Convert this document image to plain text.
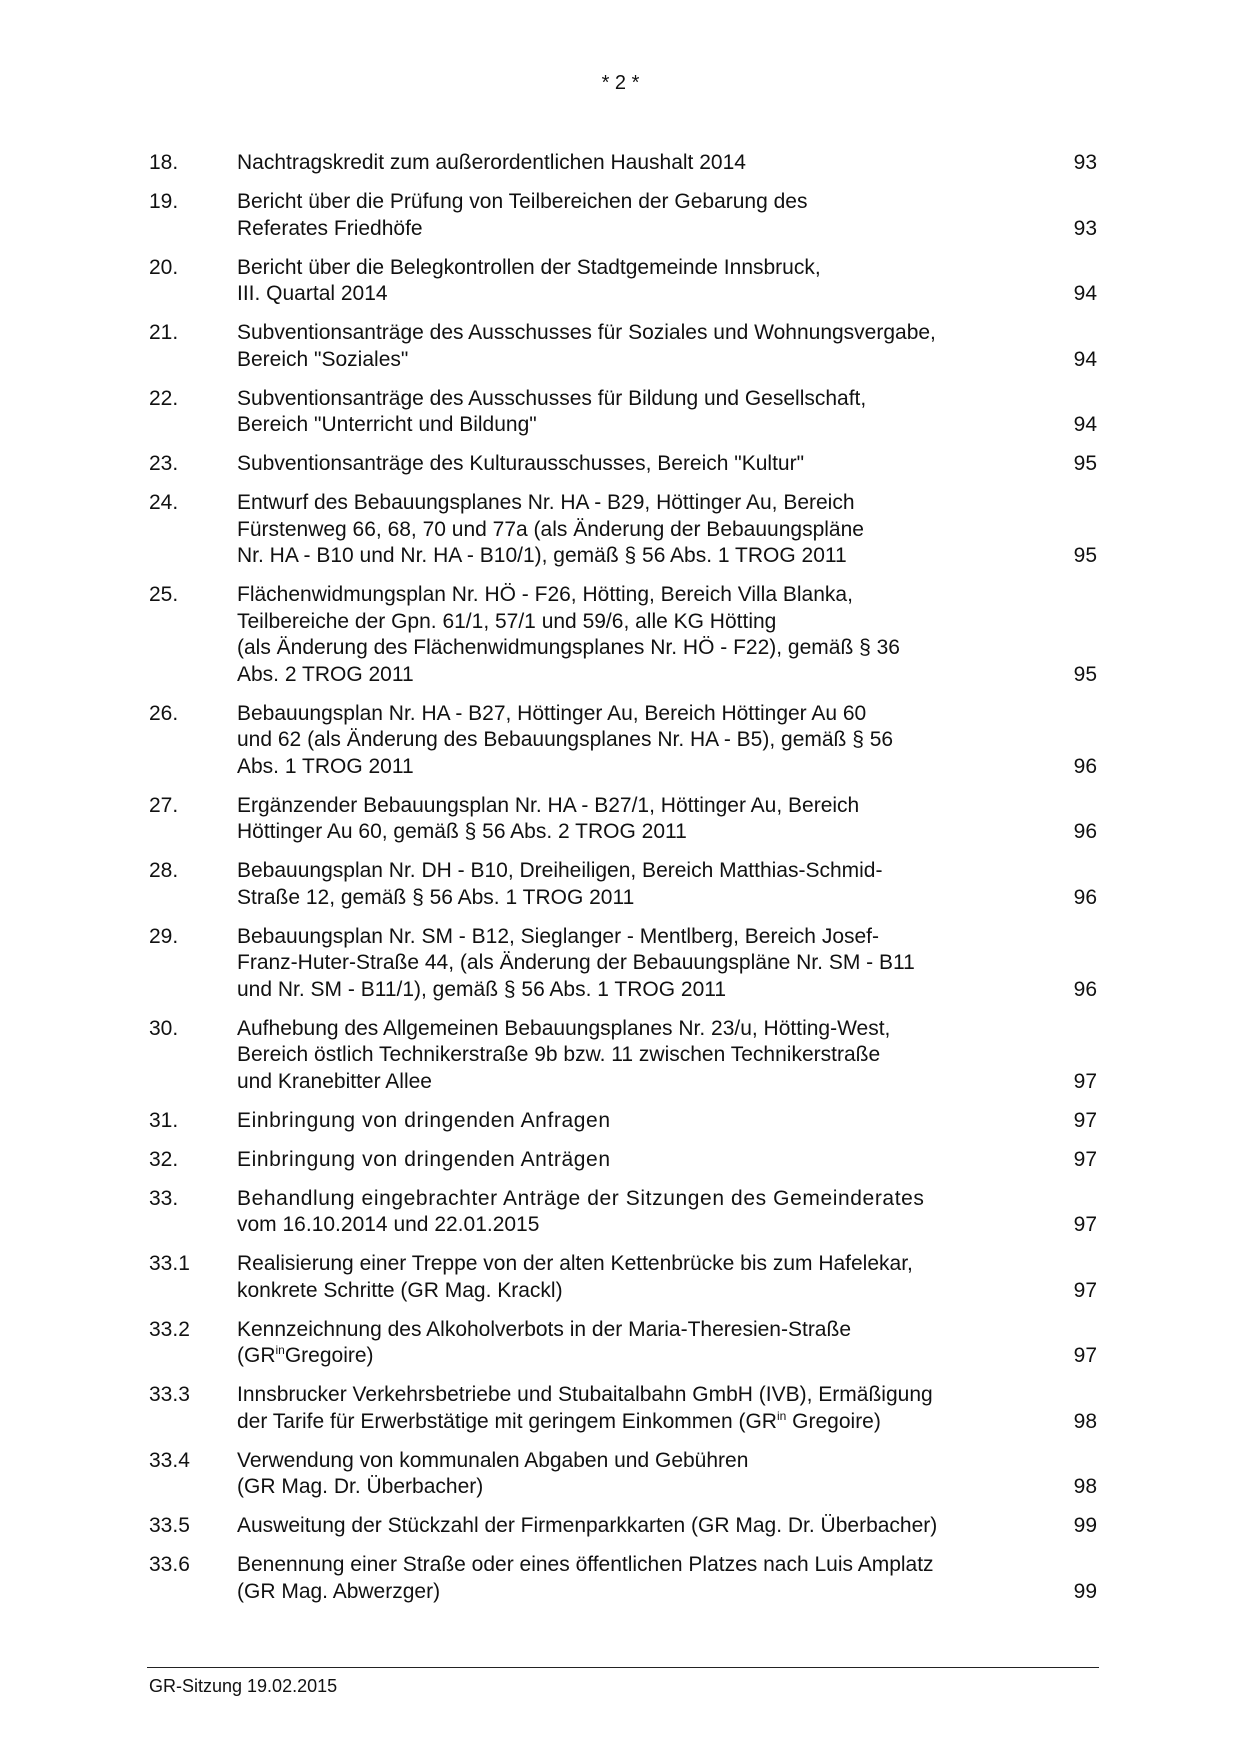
* 2 *
18.	Nachtragskredit zum außerordentlichen Haushalt 2014	93
19.	Bericht über die Prüfung von Teilbereichen der Gebarung des
Referates Friedhöfe	93
20.	Bericht über die Belegkontrollen der Stadtgemeinde Innsbruck,
III. Quartal 2014	94
21.	Subventionsanträge des Ausschusses für Soziales und Wohnungsvergabe,
Bereich "Soziales"	94
22.	Subventionsanträge des Ausschusses für Bildung und Gesellschaft,
Bereich "Unterricht und Bildung"	94
23.	Subventionsanträge des Kulturausschusses, Bereich "Kultur"	95
24.	Entwurf des Bebauungsplanes Nr. HA - B29, Höttinger Au, Bereich
Fürstenweg 66, 68, 70 und 77a (als Änderung der Bebauungspläne
Nr. HA - B10 und Nr. HA - B10/1), gemäß § 56 Abs. 1 TROG 2011	95
25.	Flächenwidmungsplan Nr. HÖ - F26, Hötting, Bereich Villa Blanka,
Teilbereiche der Gpn. 61/1, 57/1 und 59/6, alle KG Hötting
(als Änderung des Flächenwidmungsplanes Nr. HÖ - F22), gemäß § 36
Abs. 2 TROG 2011	95
26.	Bebauungsplan Nr. HA - B27, Höttinger Au, Bereich Höttinger Au 60
und 62 (als Änderung des Bebauungsplanes Nr. HA - B5), gemäß § 56
Abs. 1 TROG 2011	96
27.	Ergänzender Bebauungsplan Nr. HA - B27/1, Höttinger Au, Bereich
Höttinger Au 60, gemäß § 56 Abs. 2 TROG 2011	96
28.	Bebauungsplan Nr. DH - B10, Dreiheiligen, Bereich Matthias-Schmid-
Straße 12, gemäß § 56 Abs. 1 TROG 2011	96
29.	Bebauungsplan Nr. SM - B12, Sieglanger - Mentlberg, Bereich Josef-
Franz-Huter-Straße 44, (als Änderung der Bebauungspläne Nr. SM - B11
und Nr. SM - B11/1), gemäß § 56 Abs. 1 TROG 2011	96
30.	Aufhebung des Allgemeinen Bebauungsplanes Nr. 23/u, Hötting-West,
Bereich östlich Technikerstraße 9b bzw. 11 zwischen Technikerstraße
und Kranebitter Allee	97
31.	Einbringung von dringenden Anfragen	97
32.	Einbringung von dringenden Anträgen	97
33.	Behandlung eingebrachter Anträge der Sitzungen des Gemeinderates
vom 16.10.2014 und 22.01.2015	97
33.1	Realisierung einer Treppe von der alten Kettenbrücke bis zum Hafelekar,
konkrete Schritte (GR Mag. Krackl)	97
33.2	Kennzeichnung des Alkoholverbots in der Maria-Theresien-Straße
$(GR^{in}Gregoire)$	97
33.3	Innsbrucker Verkehrsbetriebe und Stubaitalbahn GmbH (IVB), Ermäßigung
der Tarife für Erwerbstätige mit geringem Einkommen ($GR^{in}$ Gregoire)	98
33.4	Verwendung von kommunalen Abgaben und Gebühren
(GR Mag. Dr. Überbacher)	98
33.5	Ausweitung der Stückzahl der Firmenparkkarten (GR Mag. Dr. Überbacher)	99
33.6	Benennung einer Straße oder eines öffentlichen Platzes nach Luis Amplatz
(GR Mag. Abwerzger)	99
GR-Sitzung 19.02.2015
